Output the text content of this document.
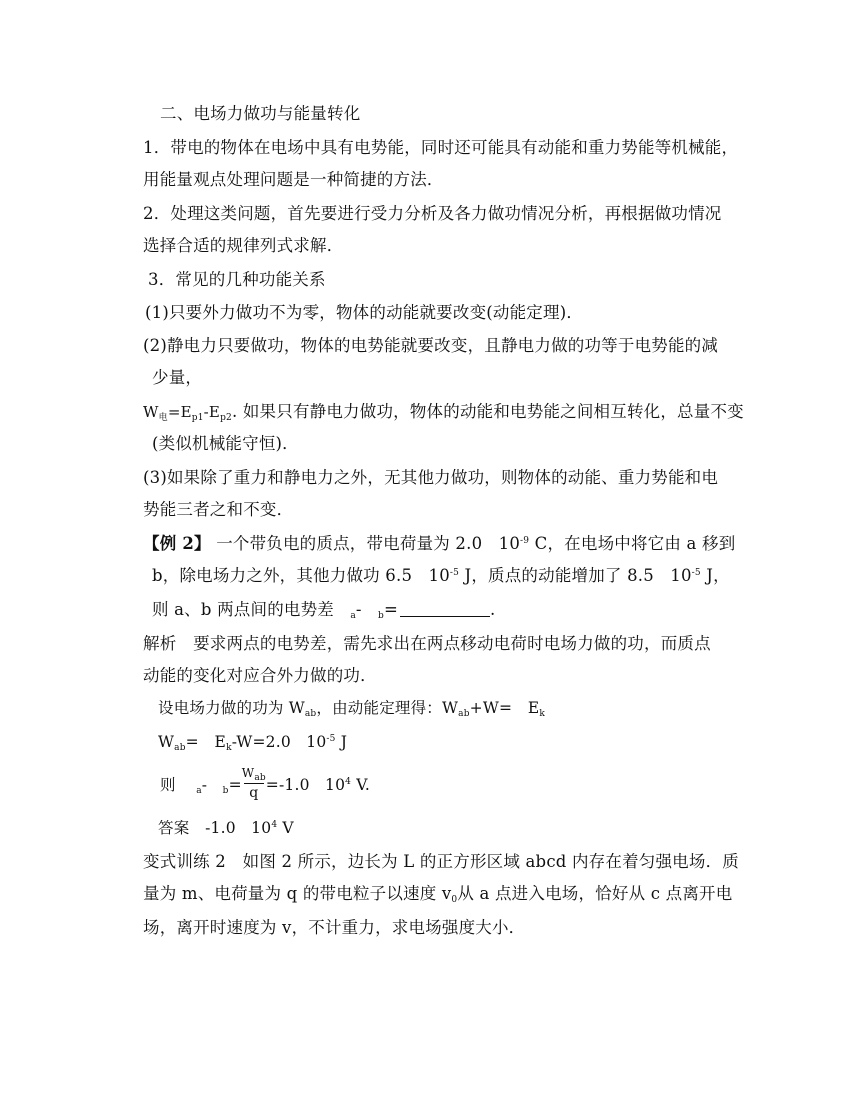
二、电场力做功与能量转化
1．带电的物体在电场中具有电势能，同时还可能具有动能和重力势能等机械能，
用能量观点处理问题是一种简捷的方法．
2．处理这类问题，首先要进行受力分析及各力做功情况分析，再根据做功情况
选择合适的规律列式求解．
3．常见的几种功能关系
(1)只要外力做功不为零，物体的动能就要改变(动能定理)．
(2)静电力只要做功，物体的电势能就要改变，且静电力做的功等于电势能的减
少量，
$W_电=E_{p1}-E_{p2}$. 如果只有静电力做功，物体的动能和电势能之间相互转化，总量不变
(类似机械能守恒)．
(3)如果除了重力和静电力之外，无其他力做功，则物体的动能、重力势能和电
势能三者之和不变．
【例 2】 一个带负电的质点，带电荷量为 2.0   $10^{-9}$ C，在电场中将它由 a 移到
b，除电场力之外，其他力做功 6.5   $10^{-5}$ J，质点的动能增加了 8.5   $10^{-5}$ J，
则 a、b 两点间的电势差 $_a$- $_b$=	.
解析　要求两点的电势差，需先求出在两点移动电荷时电场力做的功，而质点
动能的变化对应合外力做的功．
设电场力做的功为 $W_{ab}$，由动能定理得：$W_{ab}+W=$　$E_k$
$W_{ab}=$　$E_k-W=2.0$   $10^{-5}$ J
则 $_a$- $_b= \frac{W_{ab}}{q} =-1.0$   $10^4$ V.
答案　-1.0   $10^4$ V
变式训练 2　如图 2 所示，边长为 L 的正方形区域 abcd 内存在着匀强电场．质
量为 m、电荷量为 q 的带电粒子以速度 $v_0$从 a 点进入电场，恰好从 c 点离开电
场，离开时速度为 v，不计重力，求电场强度大小．
